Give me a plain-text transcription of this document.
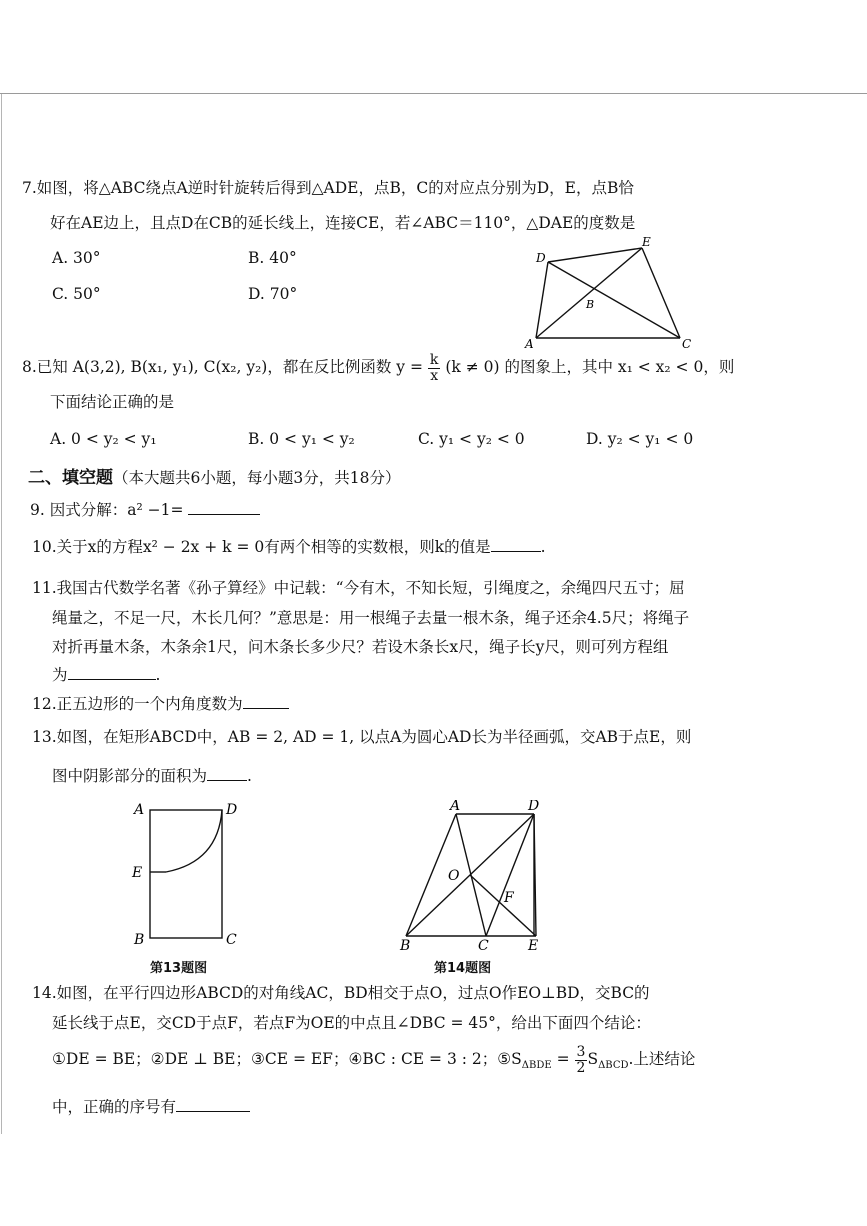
7.如图，将△ABC绕点A逆时针旋转后得到△ADE，点B，C的对应点分别为D，E，点B恰
好在AE边上，且点D在CB的延长线上，连接CE，若∠ABC＝110°，△DAE的度数是
A. 30°	B. 40°
C. 50°	D. 70°
D
E
B
A	C
8.已知 A(3,2), B(x₁, y₁), C(x₂, y₂)，都在反比例函数 $y = \frac{k}{x} (k \ne 0)$ 的图象上，其中 x₁ < x₂ < 0，则
下面结论正确的是
A. 0 < y₂ < y₁	B. 0 < y₁ < y₂	C. y₁ < y₂ < 0	D. y₂ < y₁ < 0
二、填空题（本大题共6小题，每小题3分，共18分）
9. 因式分解：a² −1=
10.关于x的方程x² − 2x + k = 0有两个相等的实数根，则k的值是	.
11.我国古代数学名著《孙子算经》中记载：“今有木，不知长短，引绳度之，余绳四尺五寸；屈
绳量之，不足一尺，木长几何？”意思是：用一根绳子去量一根木条，绳子还余4.5尺；将绳子
对折再量木条，木条余1尺，问木条长多少尺？若设木条长x尺，绳子长y尺，则可列方程组
为	.
12.正五边形的一个内角度数为
13.如图，在矩形ABCD中，AB = 2, AD = 1, 以点A为圆心AD长为半径画弧，交AB于点E，则
图中阴影部分的面积为	.
A	D
E
B	C
第13题图
A	D
O
F
B	C	E
第14题图
14.如图，在平行四边形ABCD的对角线AC，BD相交于点O，过点O作EO⊥BD，交BC的
延长线于点E，交CD于点F，若点F为OE的中点且∠DBC = 45°，给出下面四个结论：
①DE = BE；②DE ⊥ BE；③CE = EF；④BC : CE = 3 : 2；$⑤S_{\Delta BDE} = \frac{3}{2} S_{\Delta BCD}$.上述结论
中，正确的序号有
